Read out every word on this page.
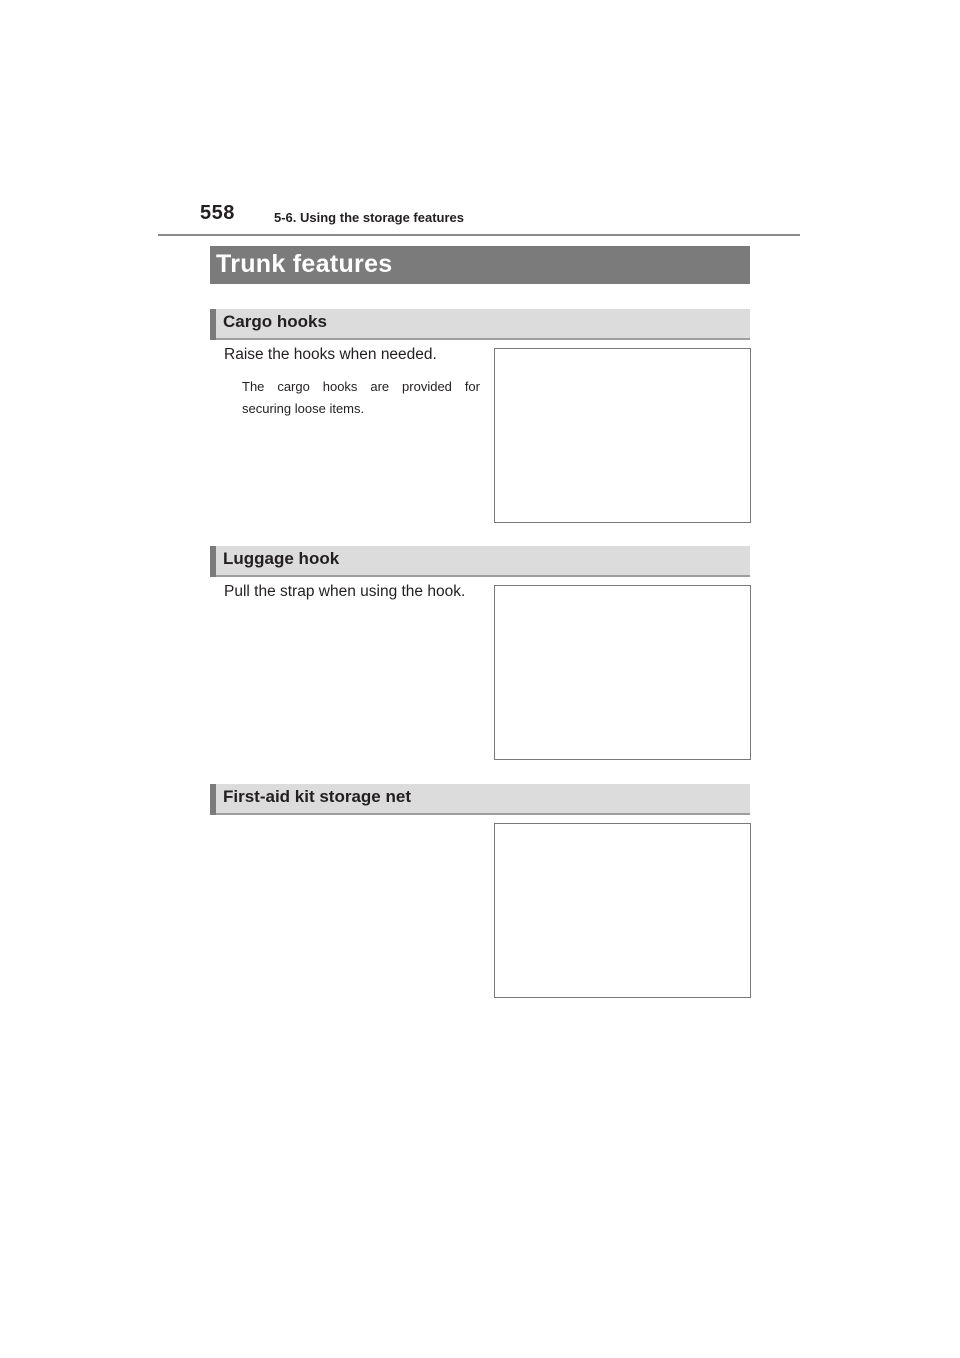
558	5-6. Using the storage features
Trunk features
Cargo hooks
Raise the hooks when needed.
The cargo hooks are provided for securing loose items.
Luggage hook
Pull the strap when using the hook.
First-aid kit storage net
